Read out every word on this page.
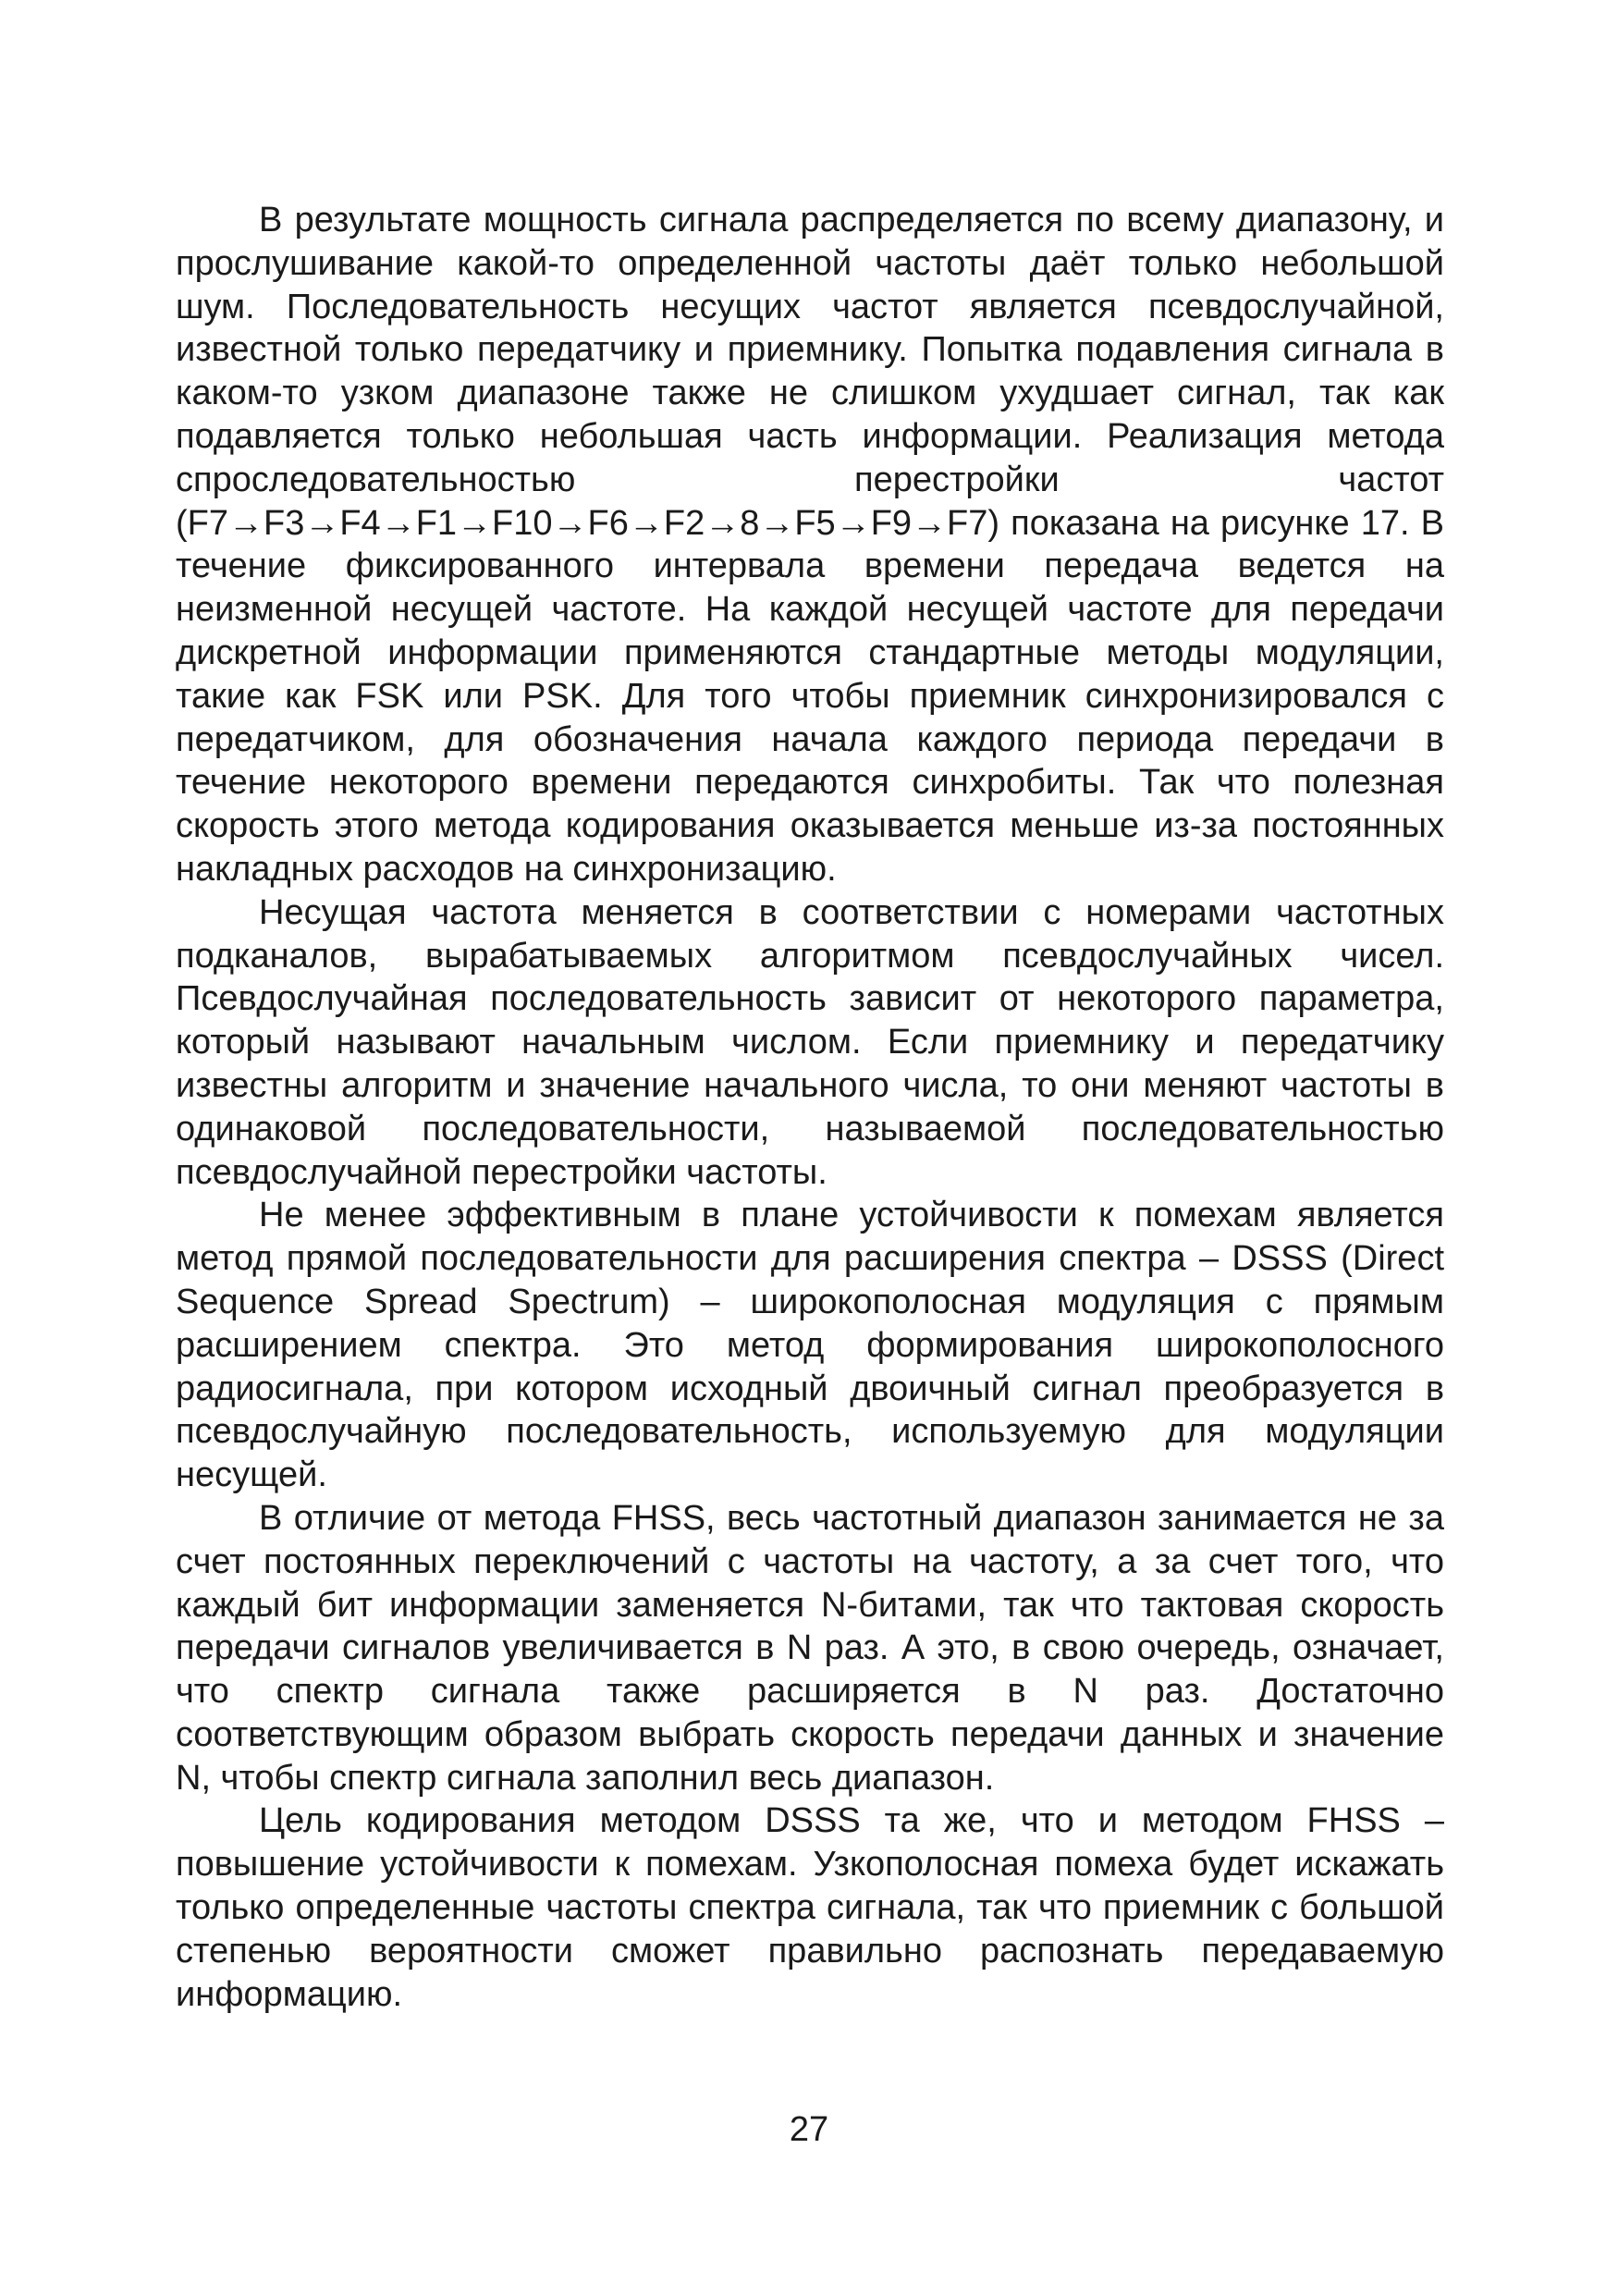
В результате мощность сигнала распределяется по всему диапазону, и прослушивание какой-то определенной частоты даёт только небольшой шум. Последовательность несущих частот является псевдослучайной, известной только передатчику и приемнику. Попытка подавления сигнала в каком-то узком диапазоне также не слишком ухудшает сигнал, так как подавляется только небольшая часть информации. Реализация метода спроследовательностью перестройки частот (F7→F3→F4→F1→F10→F6→F2→8→F5→F9→F7) показана на рисунке 17. В течение фиксированного интервала времени передача ведется на неизменной несущей частоте. На каждой несущей частоте для передачи дискретной информации применяются стандартные методы модуляции, такие как FSK или PSK. Для того чтобы приемник синхронизировался с передатчиком, для обозначения начала каждого периода передачи в течение некоторого времени передаются синхробиты. Так что полезная скорость этого метода кодирования оказывается меньше из-за постоянных накладных расходов на синхронизацию.

Несущая частота меняется в соответствии с номерами частотных подканалов, вырабатываемых алгоритмом псевдослучайных чисел. Псевдослучайная последовательность зависит от некоторого параметра, который называют начальным числом. Если приемнику и передатчику известны алгоритм и значение начального числа, то они меняют частоты в одинаковой последовательности, называемой последовательностью псевдослучайной перестройки частоты.

Не менее эффективным в плане устойчивости к помехам является метод прямой последовательности для расширения спектра – DSSS (Direct Sequence Spread Spectrum) – широкополосная модуляция с прямым расширением спектра. Это метод формирования широкополосного радиосигнала, при котором исходный двоичный сигнал преобразуется в псевдослучайную последовательность, используемую для модуляции несущей.

В отличие от метода FHSS, весь частотный диапазон занимается не за счет постоянных переключений с частоты на частоту, а за счет того, что каждый бит информации заменяется N-битами, так что тактовая скорость передачи сигналов увеличивается в N раз. А это, в свою очередь, означает, что спектр сигнала также расширяется в N раз. Достаточно соответствующим образом выбрать скорость передачи данных и значение N, чтобы спектр сигнала заполнил весь диапазон.

Цель кодирования методом DSSS та же, что и методом FHSS – повышение устойчивости к помехам. Узкополосная помеха будет искажать только определенные частоты спектра сигнала, так что приемник с большой степенью вероятности сможет правильно распознать передаваемую информацию.

27
